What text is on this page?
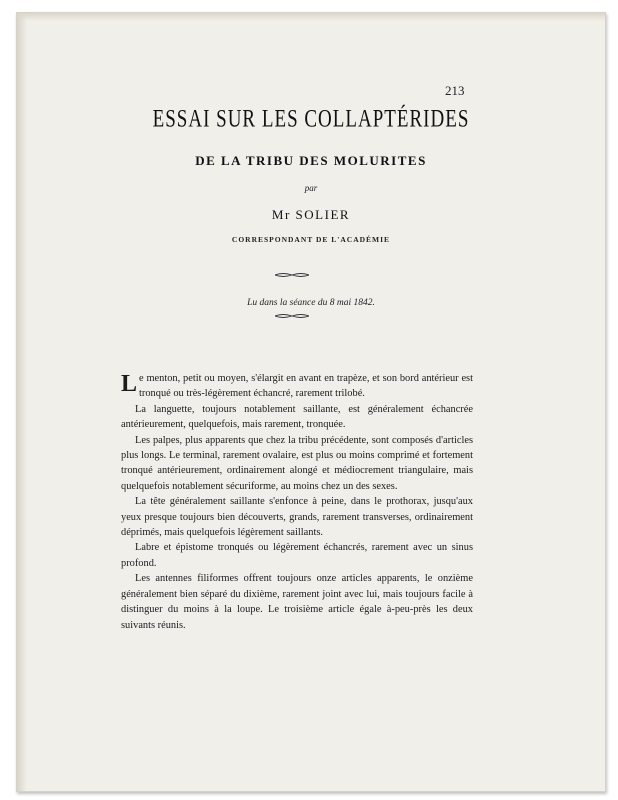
213
ESSAI SUR LES COLLAPTÉRIDES
DE LA TRIBU DES MOLURITES
par
Mr SOLIER
CORRESPONDANT DE L'ACADÉMIE
Lu dans la séance du 8 mai 1842.

Le menton, petit ou moyen, s'élargit en avant en trapèze, et son bord antérieur est tronqué ou très-légèrement échancré, rarement trilobé.

La languette, toujours notablement saillante, est généralement échancrée antérieurement, quelquefois, mais rarement, tronquée.

Les palpes, plus apparents que chez la tribu précédente, sont composés d'articles plus longs. Le terminal, rarement ovalaire, est plus ou moins comprimé et fortement tronqué antérieurement, ordinairement alongé et médiocrement triangulaire, mais quelquefois notablement sécuriforme, au moins chez un des sexes.

La tête généralement saillante s'enfonce à peine, dans le prothorax, jusqu'aux yeux presque toujours bien découverts, grands, rarement transverses, ordinairement déprimés, mais quelquefois légèrement saillants.

Labre et épistome tronqués ou légèrement échancrés, rarement avec un sinus profond.

Les antennes filiformes offrent toujours onze articles apparents, le onzième généralement bien séparé du dixième, rarement joint avec lui, mais toujours facile à distinguer du moins à la loupe. Le troisième article égale à-peu-près les deux suivants réunis.
